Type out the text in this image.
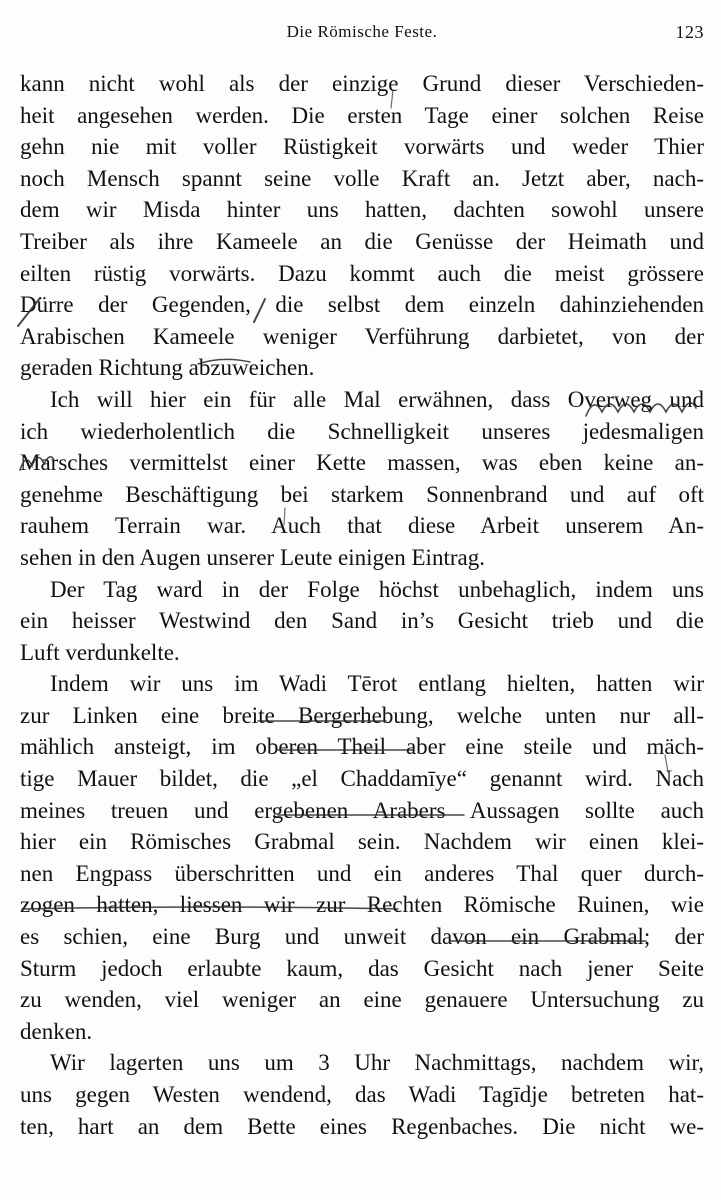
Die Römische Feste.	123
kann nicht wohl als der einzige Grund dieser Verschieden-
heit angesehen werden. Die ersten Tage einer solchen Reise
gehn nie mit voller Rüstigkeit vorwärts und weder Thier
noch Mensch spannt seine volle Kraft an. Jetzt aber, nach-
dem wir Misda hinter uns hatten, dachten sowohl unsere
Treiber als ihre Kameele an die Genüsse der Heimath und
eilten rüstig vorwärts. Dazu kommt auch die meist grössere
Dürre der Gegenden, die selbst dem einzeln dahinziehenden
Arabischen Kameele weniger Verführung darbietet, von der
geraden Richtung abzuweichen.
Ich will hier ein für alle Mal erwähnen, dass Overweg und
ich wiederholentlich die Schnelligkeit unseres jedesmaligen
Marsches vermittelst einer Kette massen, was eben keine an-
genehme Beschäftigung bei starkem Sonnenbrand und auf oft
rauhem Terrain war. Auch that diese Arbeit unserem An-
sehen in den Augen unserer Leute einigen Eintrag.
Der Tag ward in der Folge höchst unbehaglich, indem uns
ein heisser Westwind den Sand in’s Gesicht trieb und die
Luft verdunkelte.
Indem wir uns im Wadi Tērot entlang hielten, hatten wir
zur Linken eine breite Bergerhebung, welche unten nur all-
mählich ansteigt, im oberen Theil aber eine steile und mäch-
tige Mauer bildet, die „el Chaddamīye“ genannt wird. Nach
meines treuen und ergebenen Arabers Aussagen sollte auch
hier ein Römisches Grabmal sein. Nachdem wir einen klei-
nen Engpass überschritten und ein anderes Thal quer durch-
zogen hatten, liessen wir zur Rechten Römische Ruinen, wie
es schien, eine Burg und unweit davon ein Grabmal; der
Sturm jedoch erlaubte kaum, das Gesicht nach jener Seite
zu wenden, viel weniger an eine genauere Untersuchung zu
denken.
Wir lagerten uns um 3 Uhr Nachmittags, nachdem wir,
uns gegen Westen wendend, das Wadi Tagīdje betreten hat-
ten, hart an dem Bette eines Regenbaches. Die nicht we-
